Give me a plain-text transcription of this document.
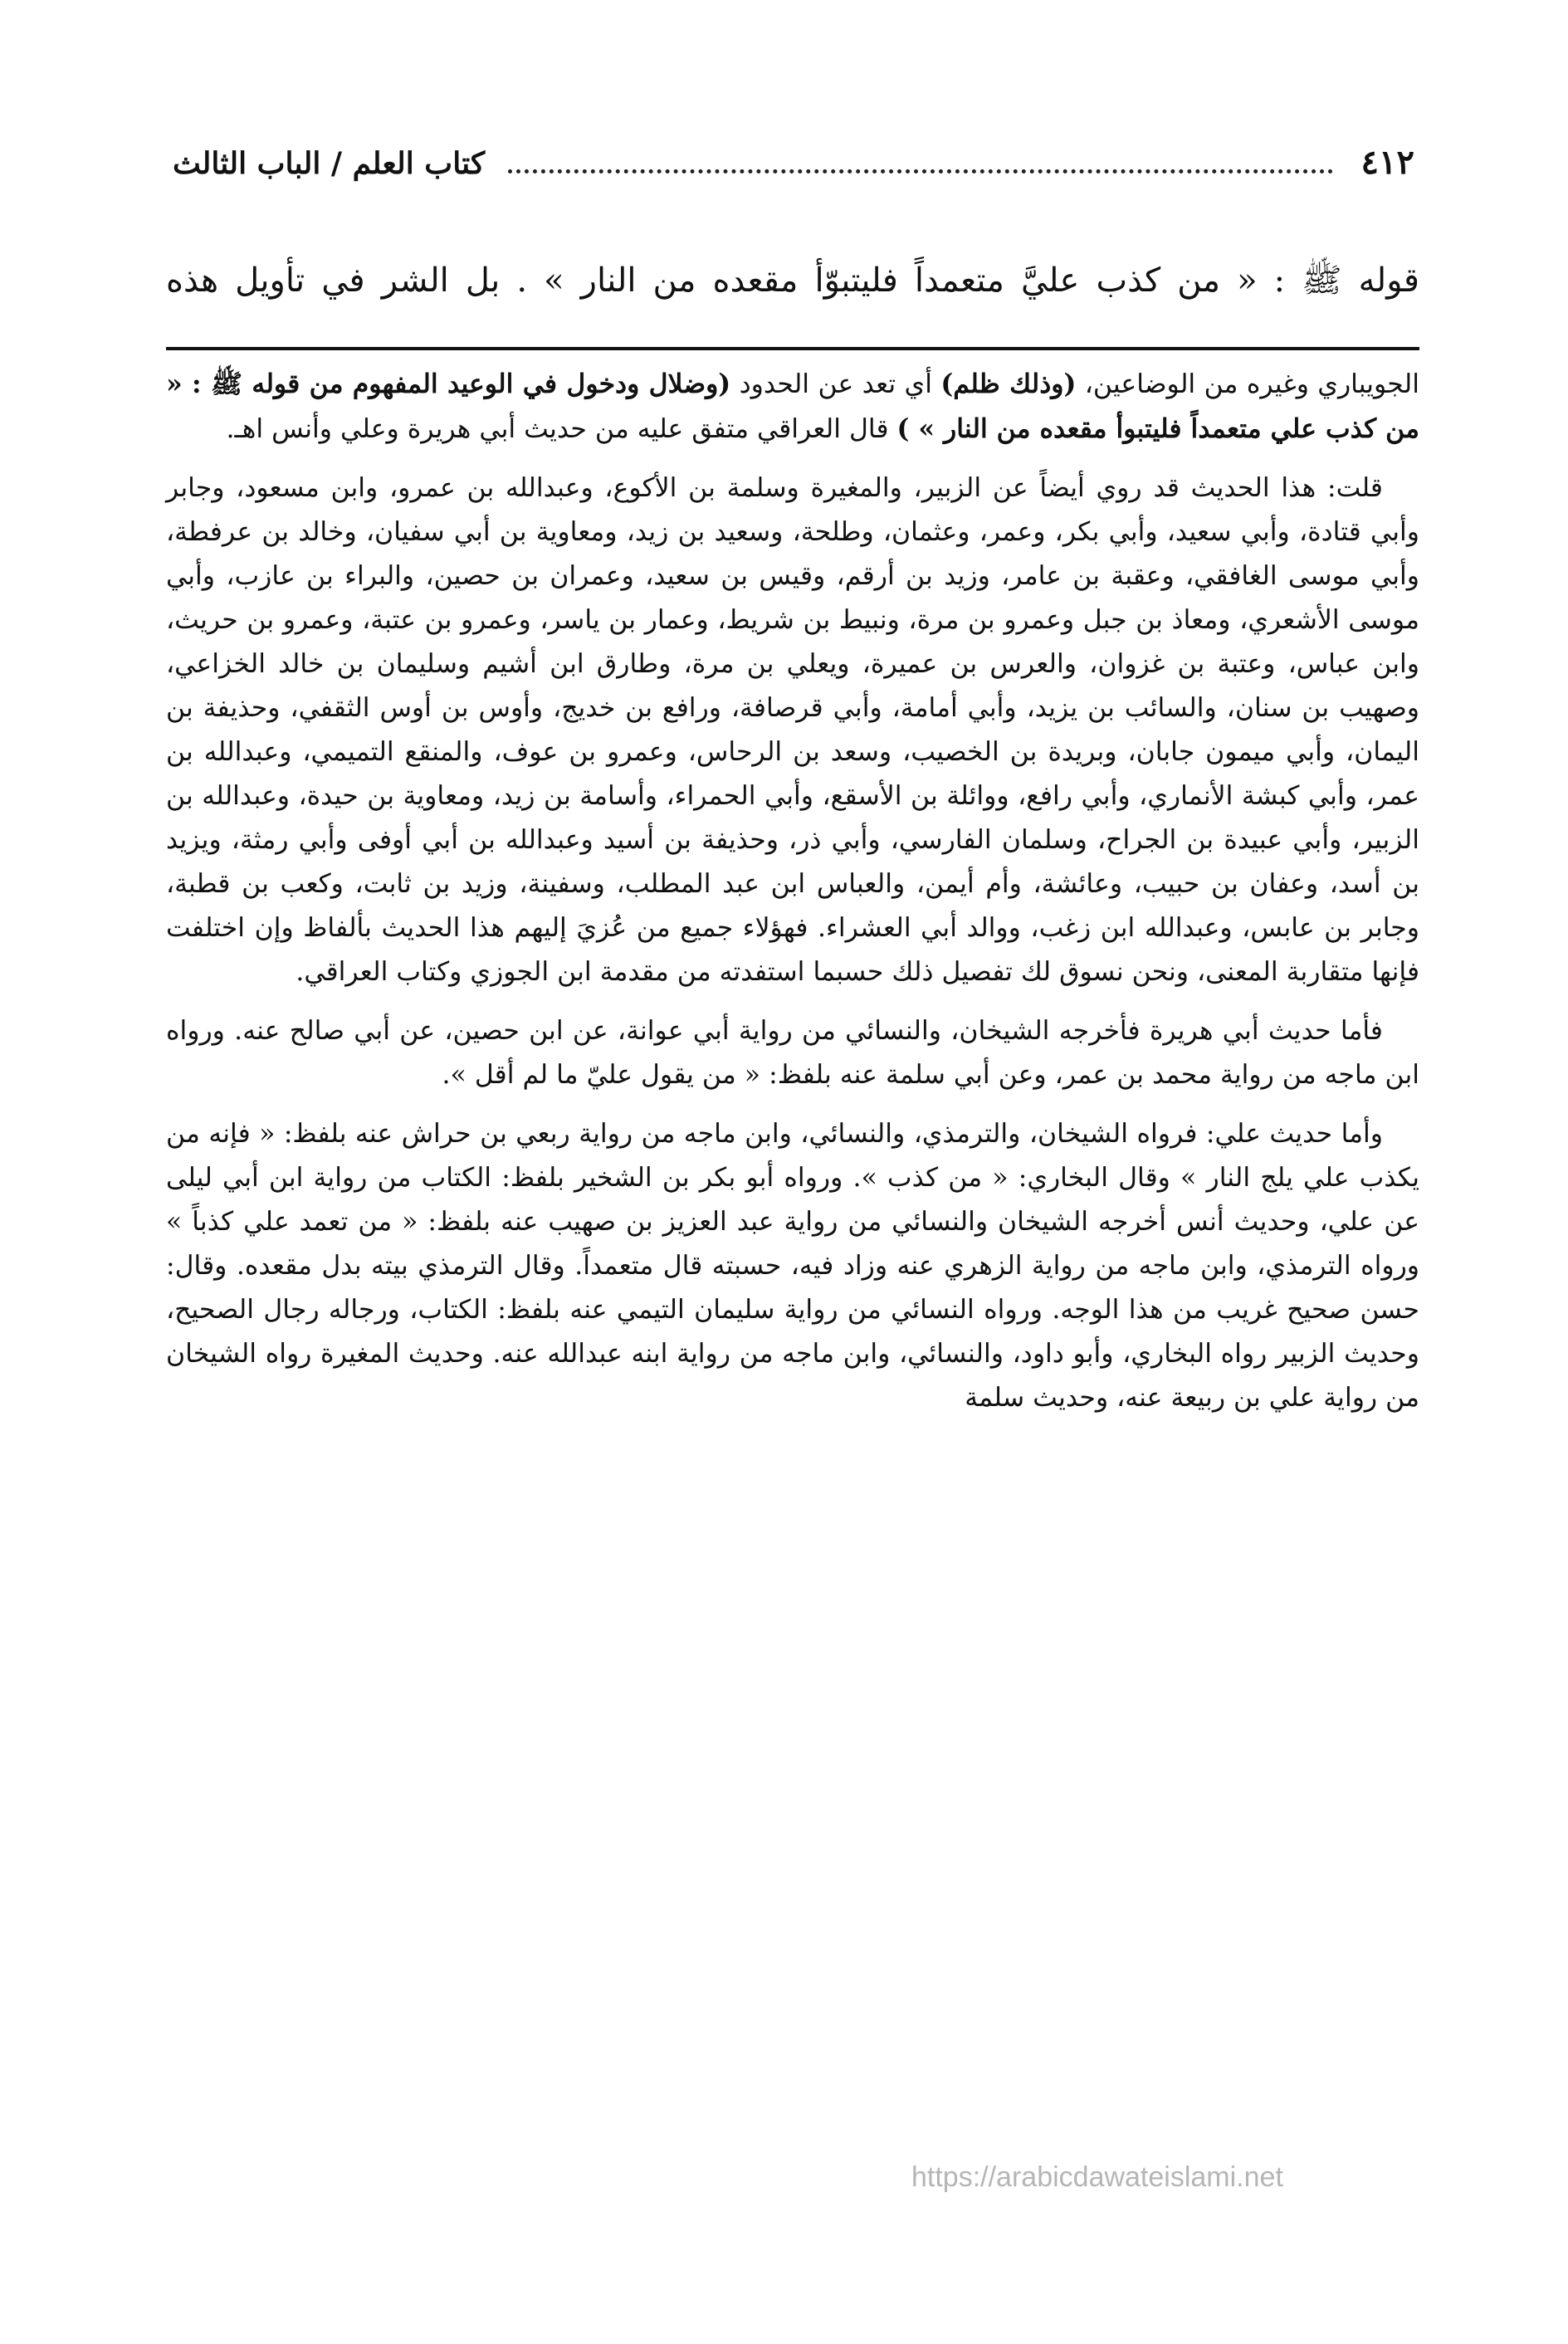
٤١٢
كتاب العلم / الباب الثالث
قوله ﷺ : « من كذب عليَّ متعمداً فليتبوّأ مقعده من النار » . بل الشر في تأويل هذه

الجويباري وغيره من الوضاعين، (وذلك ظلم) أي تعد عن الحدود (وضلال ودخول في الوعيد المفهوم من قوله ﷺ : « من كذب علي متعمداً فليتبوأ مقعده من النار » ) قال العراقي متفق عليه من حديث أبي هريرة وعلي وأنس اهـ.

قلت: هذا الحديث قد روي أيضاً عن الزبير، والمغيرة وسلمة بن الأكوع، وعبدالله بن عمرو، وابن مسعود، وجابر وأبي قتادة، وأبي سعيد، وأبي بكر، وعمر، وعثمان، وطلحة، وسعيد بن زيد، ومعاوية بن أبي سفيان، وخالد بن عرفطة، وأبي موسى الغافقي، وعقبة بن عامر، وزيد بن أرقم، وقيس بن سعيد، وعمران بن حصين، والبراء بن عازب، وأبي موسى الأشعري، ومعاذ بن جبل وعمرو بن مرة، ونبيط بن شريط، وعمار بن ياسر، وعمرو بن عتبة، وعمرو بن حريث، وابن عباس، وعتبة بن غزوان، والعرس بن عميرة، ويعلي بن مرة، وطارق ابن أشيم وسليمان بن خالد الخزاعي، وصهيب بن سنان، والسائب بن يزيد، وأبي أمامة، وأبي قرصافة، ورافع بن خديج، وأوس بن أوس الثقفي، وحذيفة بن اليمان، وأبي ميمون جابان، وبريدة بن الخصيب، وسعد بن الرحاس، وعمرو بن عوف، والمنقع التميمي، وعبدالله بن عمر، وأبي كبشة الأنماري، وأبي رافع، ووائلة بن الأسقع، وأبي الحمراء، وأسامة بن زيد، ومعاوية بن حيدة، وعبدالله بن الزبير، وأبي عبيدة بن الجراح، وسلمان الفارسي، وأبي ذر، وحذيفة بن أسيد وعبدالله بن أبي أوفى وأبي رمثة، ويزيد بن أسد، وعفان بن حبيب، وعائشة، وأم أيمن، والعباس ابن عبد المطلب، وسفينة، وزيد بن ثابت، وكعب بن قطبة، وجابر بن عابس، وعبدالله ابن زغب، ووالد أبي العشراء. فهؤلاء جميع من عُزيَ إليهم هذا الحديث بألفاظ وإن اختلفت فإنها متقاربة المعنى، ونحن نسوق لك تفصيل ذلك حسبما استفدته من مقدمة ابن الجوزي وكتاب العراقي.

فأما حديث أبي هريرة فأخرجه الشيخان، والنسائي من رواية أبي عوانة، عن ابن حصين، عن أبي صالح عنه. ورواه ابن ماجه من رواية محمد بن عمر، وعن أبي سلمة عنه بلفظ: « من يقول عليّ ما لم أقل ».

وأما حديث علي: فرواه الشيخان، والترمذي، والنسائي، وابن ماجه من رواية ربعي بن حراش عنه بلفظ: « فإنه من يكذب علي يلج النار » وقال البخاري: « من كذب ». ورواه أبو بكر بن الشخير بلفظ: الكتاب من رواية ابن أبي ليلى عن علي، وحديث أنس أخرجه الشيخان والنسائي من رواية عبد العزيز بن صهيب عنه بلفظ: « من تعمد علي كذباً » ورواه الترمذي، وابن ماجه من رواية الزهري عنه وزاد فيه، حسبته قال متعمداً. وقال الترمذي بيته بدل مقعده. وقال: حسن صحيح غريب من هذا الوجه. ورواه النسائي من رواية سليمان التيمي عنه بلفظ: الكتاب، ورجاله رجال الصحيح، وحديث الزبير رواه البخاري، وأبو داود، والنسائي، وابن ماجه من رواية ابنه عبدالله عنه. وحديث المغيرة رواه الشيخان من رواية علي بن ربيعة عنه، وحديث سلمة

https://arabicdawateislami.net
